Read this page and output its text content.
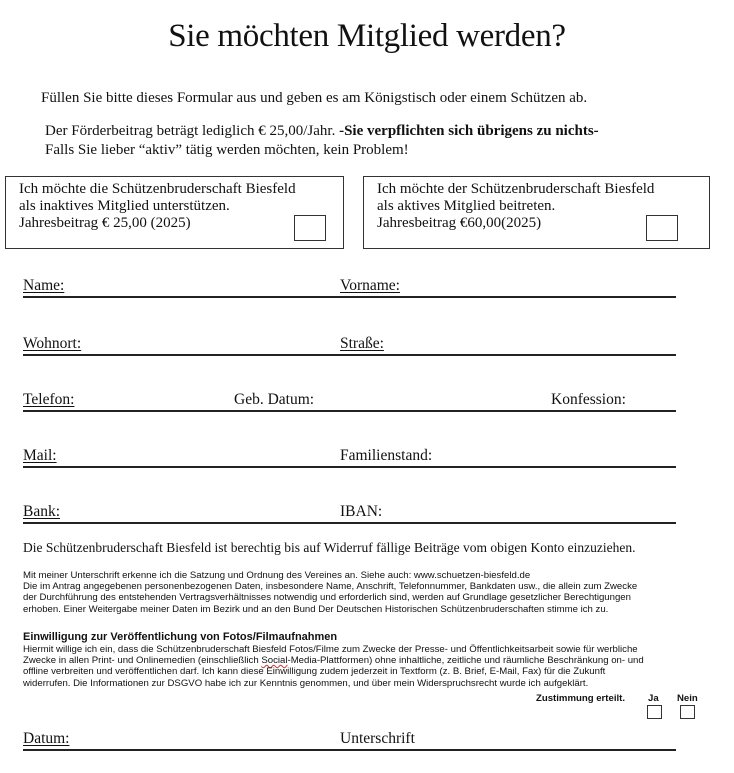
Sie möchten Mitglied werden?
Füllen Sie bitte dieses Formular aus und geben es am Königstisch oder einem Schützen ab.
Der Förderbeitrag beträgt lediglich € 25,00/Jahr. -Sie verpflichten sich übrigens zu nichts-
Falls Sie lieber “aktiv” tätig werden möchten, kein Problem!
Ich möchte die Schützenbruderschaft Biesfeld
als inaktives Mitglied unterstützen.
Jahresbeitrag € 25,00 (2025)
Ich möchte der Schützenbruderschaft Biesfeld
als aktives Mitglied beitreten.
Jahresbeitrag €60,00(2025)
Name:	Vorname:
Wohnort:	Straße:
Telefon:	Geb. Datum:	Konfession:
Mail:	Familienstand:
Bank:	IBAN:
Die Schützenbruderschaft Biesfeld ist berechtig bis auf Widerruf fällige Beiträge vom obigen Konto einzuziehen.
Mit meiner Unterschrift erkenne ich die Satzung und Ordnung des Vereines an. Siehe auch: www.schuetzen-biesfeld.de
Die im Antrag angegebenen personenbezogenen Daten, insbesondere Name, Anschrift, Telefonnummer, Bankdaten usw., die allein zum Zwecke
der Durchführung des entstehenden Vertragsverhältnisses notwendig und erforderlich sind, werden auf Grundlage gesetzlicher Berechtigungen
erhoben. Einer Weitergabe meiner Daten im Bezirk und an den Bund Der Deutschen Historischen Schützenbruderschaften stimme ich zu.
Einwilligung zur Veröffentlichung von Fotos/Filmaufnahmen
Hiermit willige ich ein, dass die Schützenbruderschaft Biesfeld Fotos/Filme zum Zwecke der Presse- und Öffentlichkeitsarbeit sowie für werbliche
Zwecke in allen Print- und Onlinemedien (einschließlich Social-Media-Plattformen) ohne inhaltliche, zeitliche und räumliche Beschränkung on- und
offline verbreiten und veröffentlichen darf. Ich kann diese Einwilligung zudem jederzeit in Textform (z. B. Brief, E-Mail, Fax) für die Zukunft
widerrufen. Die Informationen zur DSGVO habe ich zur Kenntnis genommen, und über mein Widerspruchsrecht wurde ich aufgeklärt.
Zustimmung erteilt. Ja Nein
Datum:	Unterschrift
